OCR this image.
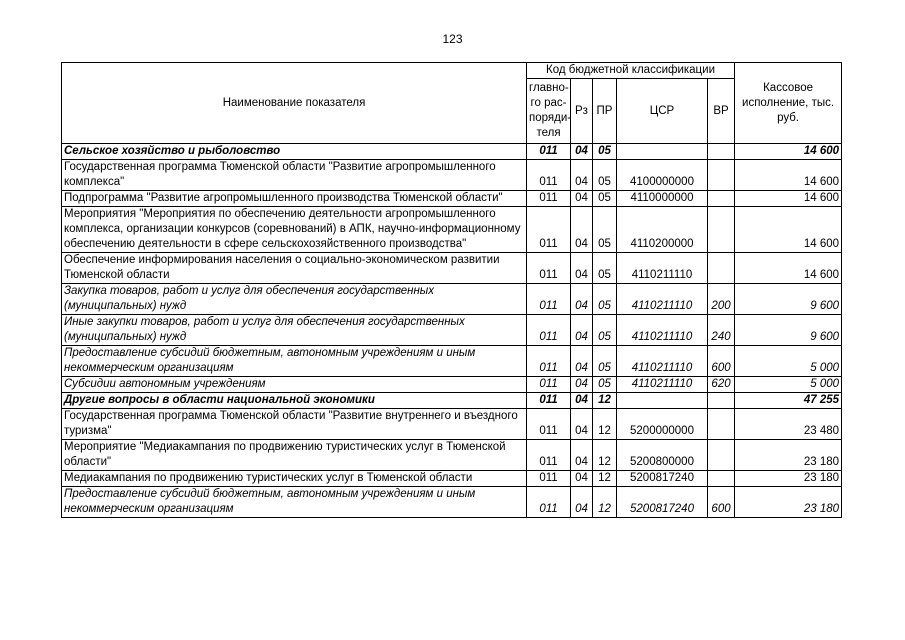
123
Наименование показателя	Код бюджетной классификации					Кассовое исполнение, тыс. руб.
	главно-
го рас-
поряди-
теля	Рз	ПР	ЦСР	ВР	
Сельское хозяйство и рыболовство	011	04	05			14 600
Государственная программа Тюменской области "Развитие агропромышленного комплекса"	011	04	05	4100000000		14 600
Подпрограмма "Развитие агропромышленного производства Тюменской области"	011	04	05	4110000000		14 600
Мероприятия "Мероприятия по обеспечению деятельности агропромышленного комплекса, организации конкурсов (соревнований) в АПК, научно-информационному обеспечению деятельности в сфере сельскохозяйственного производства"	011	04	05	4110200000		14 600
Обеспечение информирования населения о социально-экономическом развитии Тюменской области	011	04	05	4110211110		14 600
Закупка товаров, работ и услуг для обеспечения государственных (муниципальных) нужд	011	04	05	4110211110	200	9 600
Иные закупки товаров, работ и услуг для обеспечения государственных (муниципальных) нужд	011	04	05	4110211110	240	9 600
Предоставление субсидий бюджетным, автономным учреждениям и иным некоммерческим организациям	011	04	05	4110211110	600	5 000
Субсидии автономным учреждениям	011	04	05	4110211110	620	5 000
Другие вопросы в области национальной экономики	011	04	12			47 255
Государственная программа Тюменской области "Развитие внутреннего и въездного туризма"	011	04	12	5200000000		23 480
Мероприятие "Медиакампания по продвижению туристических услуг в Тюменской области"	011	04	12	5200800000		23 180
Медиакампания по продвижению туристических услуг в Тюменской области	011	04	12	5200817240		23 180
Предоставление субсидий бюджетным, автономным учреждениям и иным некоммерческим организациям	011	04	12	5200817240	600	23 180
